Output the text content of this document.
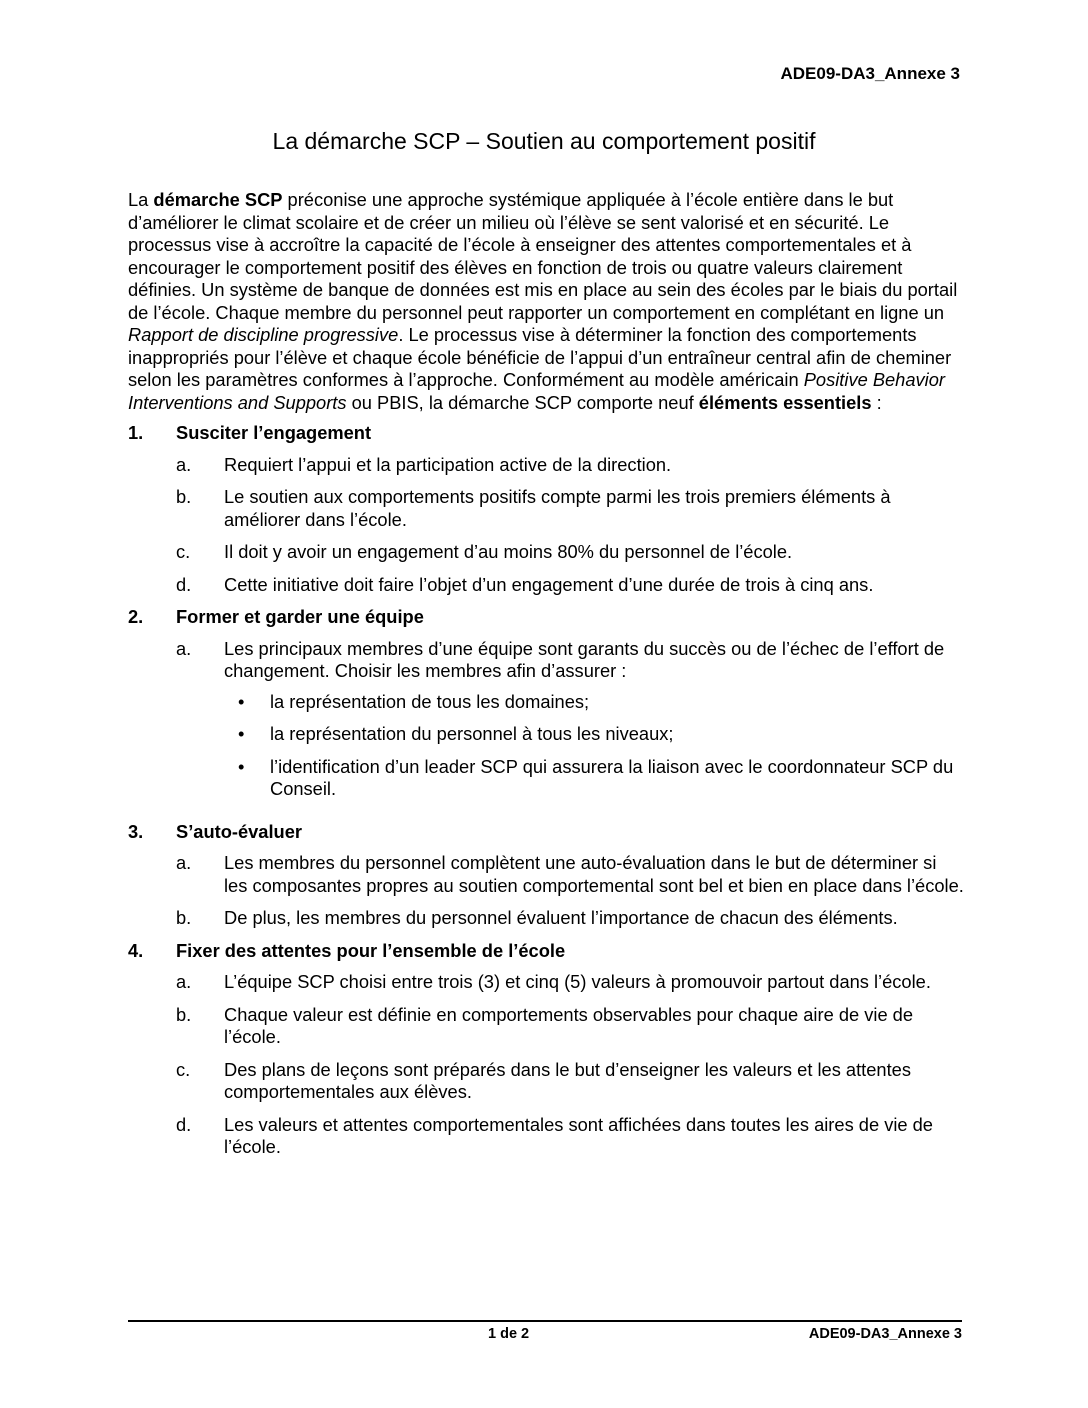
ADE09-DA3_Annexe 3
La démarche SCP – Soutien au comportement positif

La démarche SCP préconise une approche systémique appliquée à l’école entière dans le but d’améliorer le climat scolaire et de créer un milieu où l’élève se sent valorisé et en sécurité. Le processus vise à accroître la capacité de l’école à enseigner des attentes comportementales et à encourager le comportement positif des élèves en fonction de trois ou quatre valeurs clairement définies. Un système de banque de données est mis en place au sein des écoles par le biais du portail de l’école. Chaque membre du personnel peut rapporter un comportement en complétant en ligne un Rapport de discipline progressive. Le processus vise à déterminer la fonction des comportements inappropriés pour l’élève et chaque école bénéficie de l’appui d’un entraîneur central afin de cheminer selon les paramètres conformes à l’approche. Conformément au modèle américain Positive Behavior Interventions and Supports ou PBIS, la démarche SCP comporte neuf éléments essentiels :

1.	Susciter l’engagement
a.	Requiert l’appui et la participation active de la direction.
b.	Le soutien aux comportements positifs compte parmi les trois premiers éléments à améliorer dans l’école.
c.	Il doit y avoir un engagement d’au moins 80% du personnel de l’école.
d.	Cette initiative doit faire l’objet d’un engagement d’une durée de trois à cinq ans.
2.	Former et garder une équipe
a.	Les principaux membres d’une équipe sont garants du succès ou de l’échec de l’effort de changement. Choisir les membres afin d’assurer :
•	la représentation de tous les domaines;
•	la représentation du personnel à tous les niveaux;
•	l’identification d’un leader SCP qui assurera la liaison avec le coordonnateur SCP du Conseil.
3.	S’auto-évaluer
a.	Les membres du personnel complètent une auto-évaluation dans le but de déterminer si les composantes propres au soutien comportemental sont bel et bien en place dans l’école.
b.	De plus, les membres du personnel évaluent l’importance de chacun des éléments.
4.	Fixer des attentes pour l’ensemble de l’école
a.	L’équipe SCP choisi entre trois (3) et cinq (5) valeurs à promouvoir partout dans l’école.
b.	Chaque valeur est définie en comportements observables pour chaque aire de vie de l’école.
c.	Des plans de leçons sont préparés dans le but d’enseigner les valeurs et les attentes comportementales aux élèves.
d.	Les valeurs et attentes comportementales sont affichées dans toutes les aires de vie de l’école.
1 de 2	ADE09-DA3_Annexe 3
